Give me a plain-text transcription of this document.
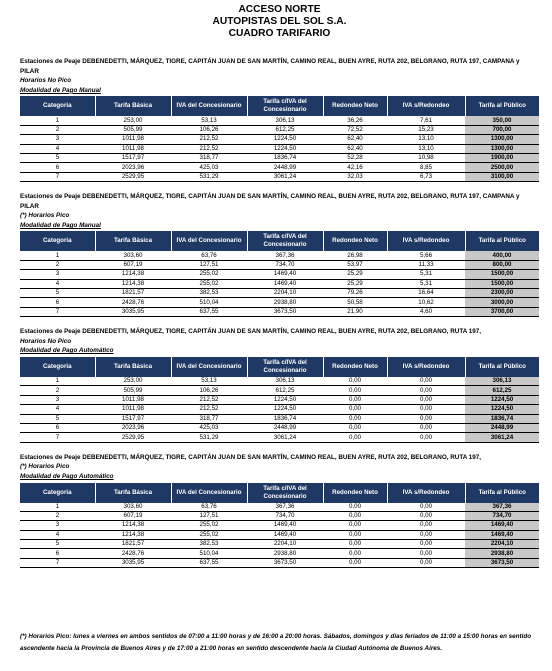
ACCESO NORTE
AUTOPISTAS DEL SOL S.A.
CUADRO TARIFARIO
Estaciones de Peaje DEBENEDETTI, MÁRQUEZ, TIGRE, CAPITÁN JUAN DE SAN MARTÍN, CAMINO REAL, BUEN AYRE, RUTA 202, BELGRANO, RUTA 197, CAMPANA y PILAR
Horarios No Pico
Modalidad de Pago Manual
Categoria	Tarifa Básica	IVA del Concesionario	Tarifa c/IVA del Concesionario	Redondeo Neto	IVA s/Redondeo	Tarifa al Público
1	253,00	53,13	306,13	36,26	7,61	350,00
2	505,99	106,26	612,25	72,52	15,23	700,00
3	1011,98	212,52	1224,50	62,40	13,10	1300,00
4	1011,98	212,52	1224,50	62,40	13,10	1300,00
5	1517,97	318,77	1836,74	52,28	10,98	1900,00
6	2023,96	425,03	2448,99	42,16	8,85	2500,00
7	2529,95	531,29	3061,24	32,03	6,73	3100,00
Estaciones de Peaje DEBENEDETTI, MÁRQUEZ, TIGRE, CAPITÁN JUAN DE SAN MARTÍN, CAMINO REAL, BUEN AYRE, RUTA 202, BELGRANO, RUTA 197, CAMPANA y PILAR
(*) Horarios Pico
Modalidad de Pago Manual
Categoria	Tarifa Básica	IVA del Concesionario	Tarifa c/IVA del Concesionario	Redondeo Neto	IVA s/Redondeo	Tarifa al Público
1	303,60	63,76	367,36	26,98	5,66	400,00
2	607,19	127,51	734,70	53,97	11,33	800,00
3	1214,38	255,02	1469,40	25,29	5,31	1500,00
4	1214,38	255,02	1469,40	25,29	5,31	1500,00
5	1821,57	382,53	2204,10	79,26	16,64	2300,00
6	2428,76	510,04	2938,80	50,58	10,62	3000,00
7	3035,95	637,55	3673,50	21,90	4,60	3700,00
Estaciones de Peaje DEBENEDETTI, MÁRQUEZ, TIGRE, CAPITÁN JUAN DE SAN MARTÍN, CAMINO REAL, BUEN AYRE, RUTA 202, BELGRANO, RUTA 197,
Horarios No Pico
Modalidad de Pago Automático
Categoria	Tarifa Básica	IVA del Concesionario	Tarifa c/IVA del Concesionario	Redondeo Neto	IVA s/Redondeo	Tarifa al Público
1	253,00	53,13	306,13	0,00	0,00	306,13
2	505,99	106,26	612,25	0,00	0,00	612,25
3	1011,98	212,52	1224,50	0,00	0,00	1224,50
4	1011,98	212,52	1224,50	0,00	0,00	1224,50
5	1517,97	318,77	1836,74	0,00	0,00	1836,74
6	2023,96	425,03	2448,99	0,00	0,00	2448,99
7	2529,95	531,29	3061,24	0,00	0,00	3061,24
Estaciones de Peaje DEBENEDETTI, MÁRQUEZ, TIGRE, CAPITÁN JUAN DE SAN MARTÍN, CAMINO REAL, BUEN AYRE, RUTA 202, BELGRANO, RUTA 197,
(*) Horarios Pico
Modalidad de Pago Automático
Categoria	Tarifa Básica	IVA del Concesionario	Tarifa c/IVA del Concesionario	Redondeo Neto	IVA s/Redondeo	Tarifa al Público
1	303,60	63,76	367,36	0,00	0,00	367,36
2	607,19	127,51	734,70	0,00	0,00	734,70
3	1214,38	255,02	1469,40	0,00	0,00	1469,40
4	1214,38	255,02	1469,40	0,00	0,00	1469,40
5	1821,57	382,53	2204,10	0,00	0,00	2204,10
6	2428,76	510,04	2938,80	0,00	0,00	2938,80
7	3035,95	637,55	3673,50	0,00	0,00	3673,50
(*) Horarios Pico: lunes a viernes en ambos sentidos de 07:00 a 11:00 horas y de 16:00 a 20:00 horas. Sábados, domingos y días feriados de 11:00 a 15:00 horas en sentido ascendente hacia la Provincia de Buenos Aires y de 17:00 a 21:00 horas en sentido descendente hacia la Ciudad Autónoma de Buenos Aires.
